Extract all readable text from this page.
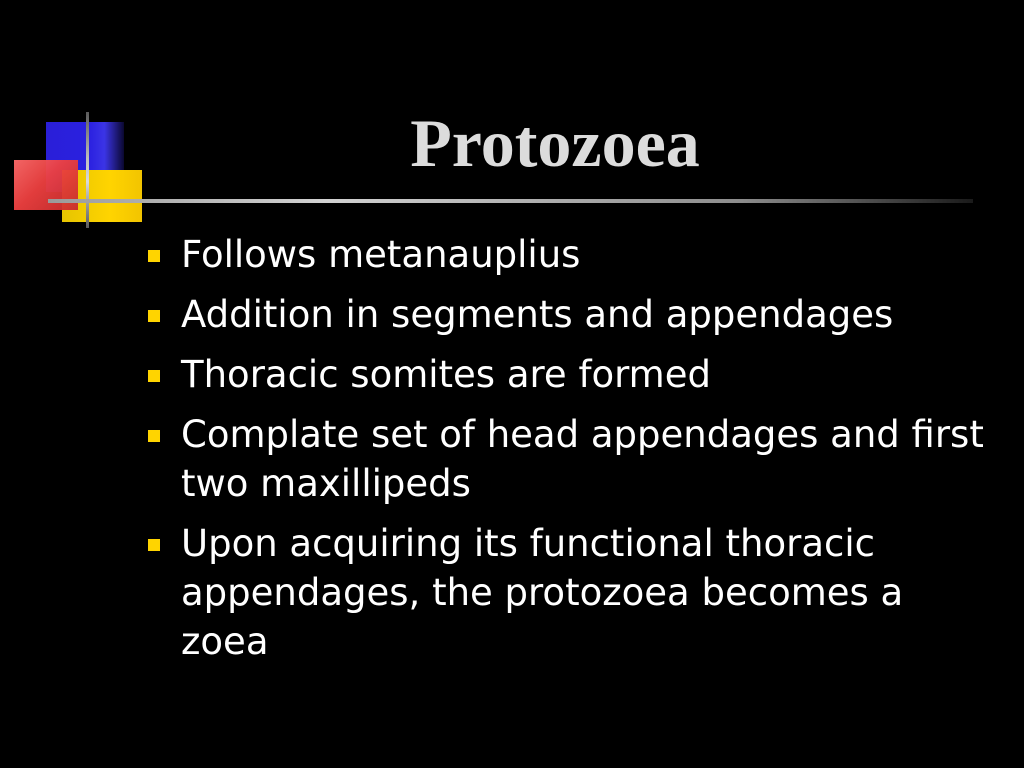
Protozoea
Follows metanauplius
Addition in segments and appendages
Thoracic somites are formed
Complate set of head appendages and first two maxillipeds
Upon acquiring its functional thoracic appendages, the protozoea becomes a zoea
